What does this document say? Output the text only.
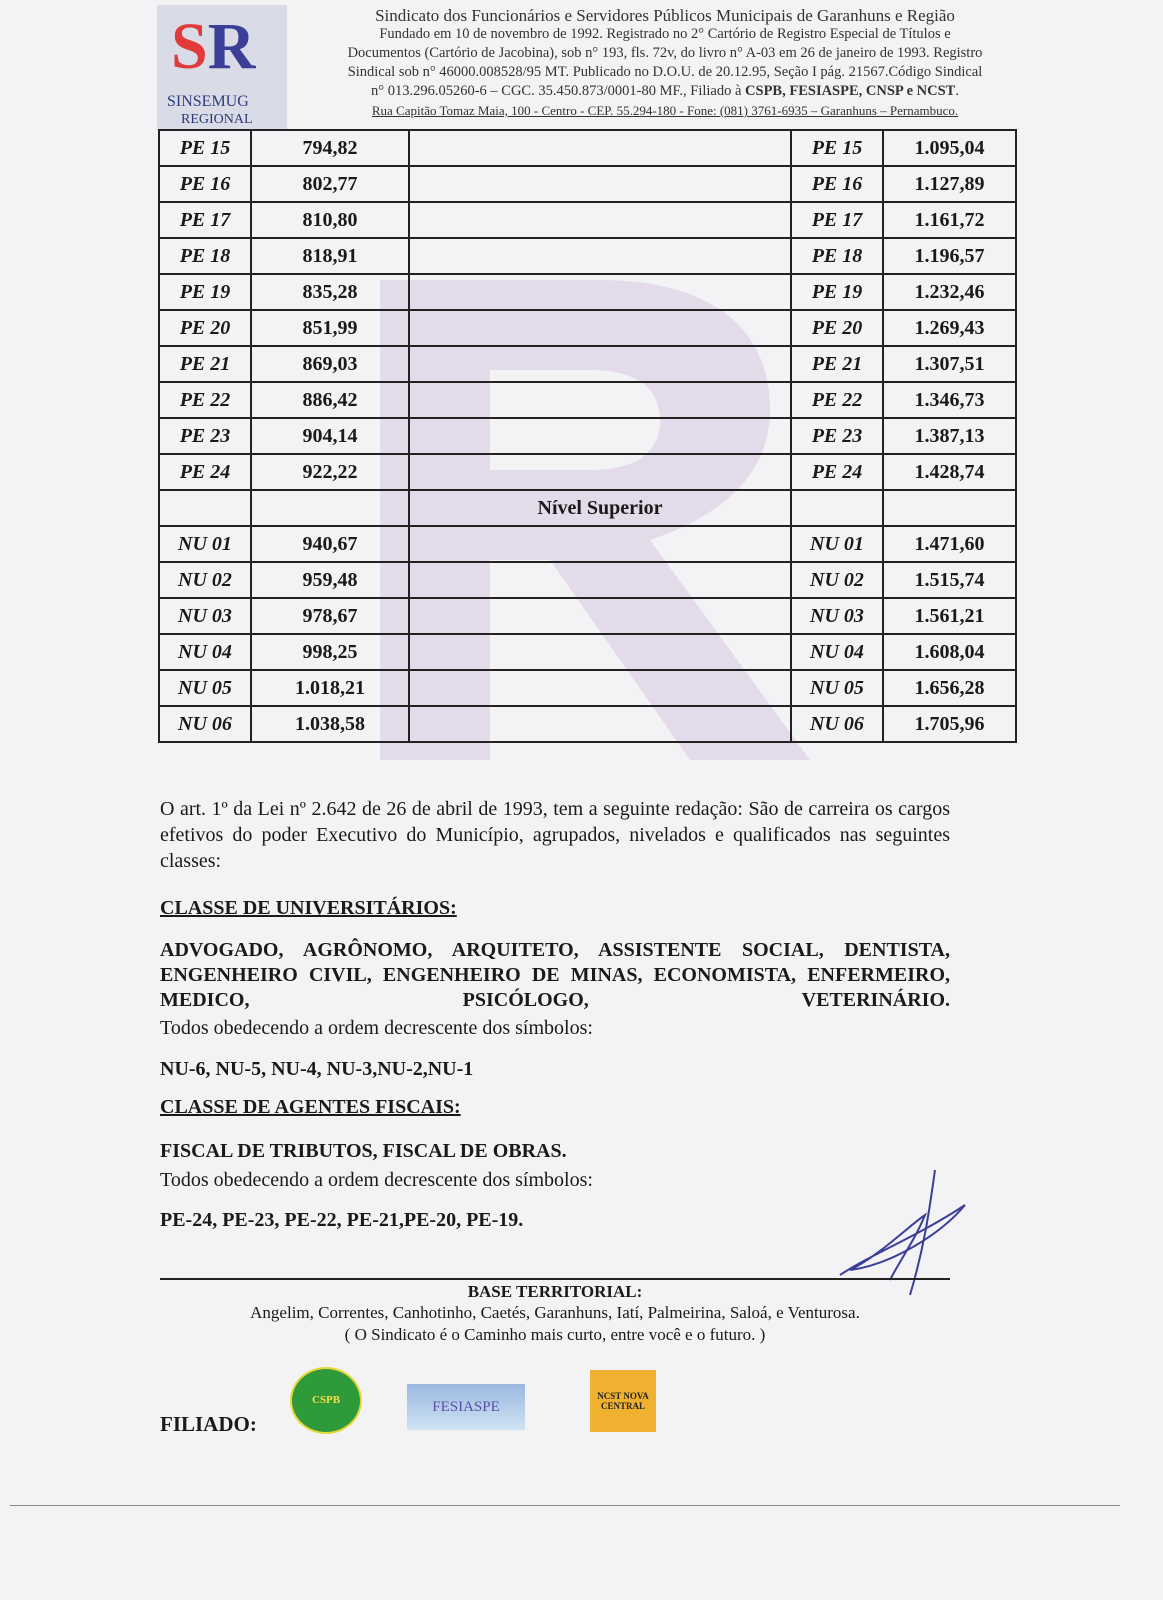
SR
SINSEMUG
REGIONAL
Sindicato dos Funcionários e Servidores Públicos Municipais de Garanhuns e Região
Fundado em 10 de novembro de 1992. Registrado no 2° Cartório de Registro Especial de Títulos e
Documentos (Cartório de Jacobina), sob n° 193, fls. 72v, do livro n° A-03 em 26 de janeiro de 1993. Registro
Sindical sob n° 46000.008528/95 MT. Publicado no D.O.U. de 20.12.95, Seção I pág. 21567.Código Sindical
n° 013.296.05260-6 – CGC. 35.450.873/0001-80 MF., Filiado à CSPB, FESIASPE, CNSP e NCST.
Rua Capitão Tomaz Maia, 100 - Centro - CEP. 55.294-180 - Fone: (081) 3761-6935 – Garanhuns – Pernambuco.
PE 15	794,82		PE 15	1.095,04
PE 16	802,77		PE 16	1.127,89
PE 17	810,80		PE 17	1.161,72
PE 18	818,91		PE 18	1.196,57
PE 19	835,28		PE 19	1.232,46
PE 20	851,99		PE 20	1.269,43
PE 21	869,03		PE 21	1.307,51
PE 22	886,42		PE 22	1.346,73
PE 23	904,14		PE 23	1.387,13
PE 24	922,22		PE 24	1.428,74
		Nível Superior		
NU 01	940,67		NU 01	1.471,60
NU 02	959,48		NU 02	1.515,74
NU 03	978,67		NU 03	1.561,21
NU 04	998,25		NU 04	1.608,04
NU 05	1.018,21		NU 05	1.656,28
NU 06	1.038,58		NU 06	1.705,96
O art. 1º da Lei nº 2.642 de 26 de abril de 1993, tem a seguinte redação: São de carreira os cargos efetivos do poder Executivo do Município, agrupados, nivelados e qualificados nas seguintes classes:
CLASSE DE UNIVERSITÁRIOS:
ADVOGADO, AGRÔNOMO, ARQUITETO, ASSISTENTE SOCIAL, DENTISTA, ENGENHEIRO CIVIL, ENGENHEIRO DE MINAS, ECONOMISTA, ENFERMEIRO, MEDICO, PSICÓLOGO, VETERINÁRIO.
Todos obedecendo a ordem decrescente dos símbolos:
NU-6, NU-5, NU-4, NU-3,NU-2,NU-1
CLASSE DE AGENTES FISCAIS:
FISCAL DE TRIBUTOS, FISCAL DE OBRAS.
Todos obedecendo a ordem decrescente dos símbolos:
PE-24, PE-23, PE-22, PE-21,PE-20, PE-19.
BASE TERRITORIAL:
Angelim, Correntes, Canhotinho, Caetés, Garanhuns, Iatí, Palmeirina, Saloá, e Venturosa.
( O Sindicato é o Caminho mais curto, entre você e o futuro. )
FILIADO:
CSPB	FESIASPE
NCST NOVA CENTRAL
